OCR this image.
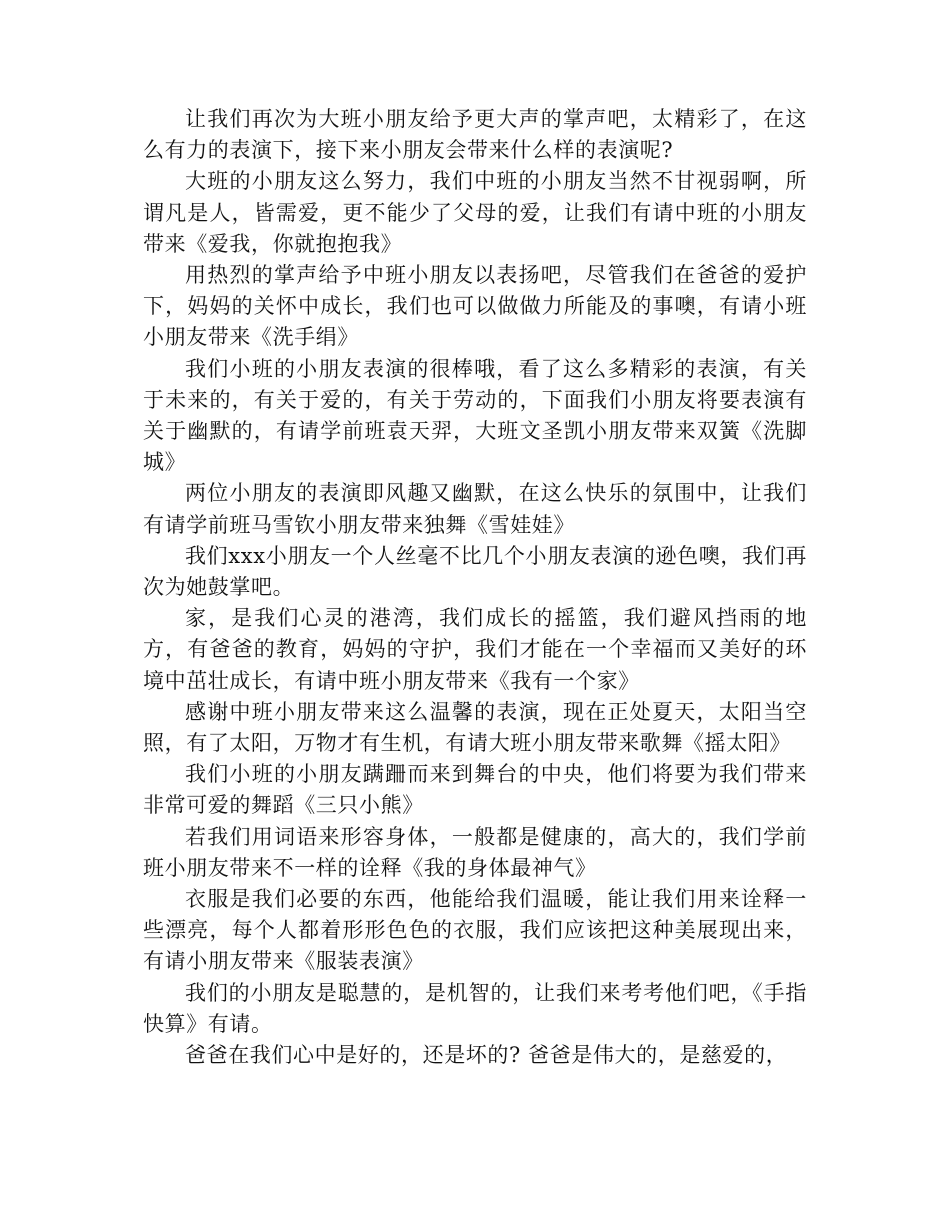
让我们再次为大班小朋友给予更大声的掌声吧，太精彩了，在这么有力的表演下，接下来小朋友会带来什么样的表演呢?

大班的小朋友这么努力，我们中班的小朋友当然不甘视弱啊，所谓凡是人，皆需爱，更不能少了父母的爱，让我们有请中班的小朋友带来《爱我，你就抱抱我》

用热烈的掌声给予中班小朋友以表扬吧，尽管我们在爸爸的爱护下，妈妈的关怀中成长，我们也可以做做力所能及的事噢，有请小班小朋友带来《洗手绢》

我们小班的小朋友表演的很棒哦，看了这么多精彩的表演，有关于未来的，有关于爱的，有关于劳动的，下面我们小朋友将要表演有关于幽默的，有请学前班袁天羿，大班文圣凯小朋友带来双簧《洗脚城》

两位小朋友的表演即风趣又幽默，在这么快乐的氛围中，让我们有请学前班马雪钦小朋友带来独舞《雪娃娃》

我们xxx小朋友一个人丝毫不比几个小朋友表演的逊色噢，我们再次为她鼓掌吧。

家，是我们心灵的港湾，我们成长的摇篮，我们避风挡雨的地方，有爸爸的教育，妈妈的守护，我们才能在一个幸福而又美好的环境中茁壮成长，有请中班小朋友带来《我有一个家》

感谢中班小朋友带来这么温馨的表演，现在正处夏天，太阳当空照，有了太阳，万物才有生机，有请大班小朋友带来歌舞《摇太阳》

我们小班的小朋友蹒跚而来到舞台的中央，他们将要为我们带来非常可爱的舞蹈《三只小熊》

若我们用词语来形容身体，一般都是健康的，高大的，我们学前班小朋友带来不一样的诠释《我的身体最神气》

衣服是我们必要的东西，他能给我们温暖，能让我们用来诠释一些漂亮，每个人都着形形色色的衣服，我们应该把这种美展现出来，有请小朋友带来《服装表演》

我们的小朋友是聪慧的，是机智的，让我们来考考他们吧，《手指快算》有请。

爸爸在我们心中是好的，还是坏的? 爸爸是伟大的，是慈爱的，
